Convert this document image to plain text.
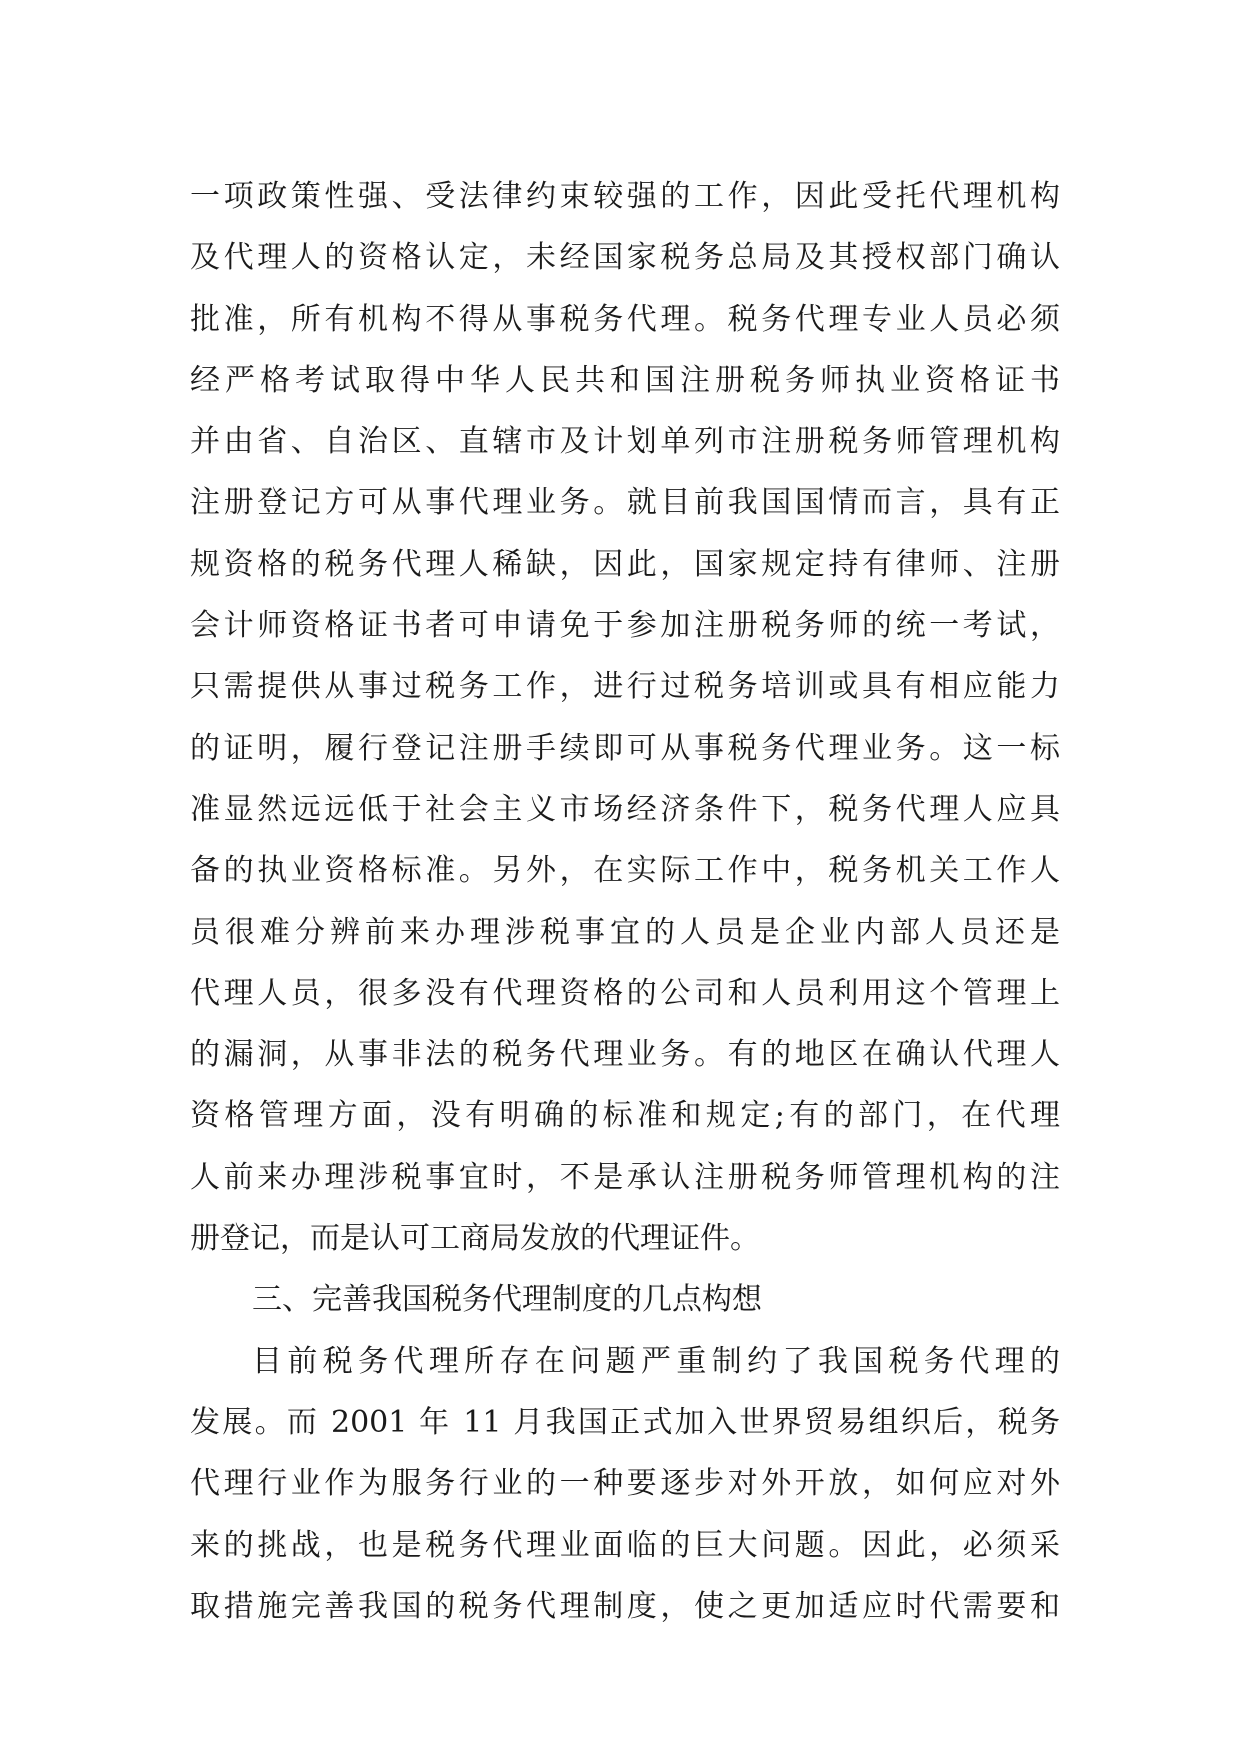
一项政策性强、受法律约束较强的工作，因此受托代理机构
及代理人的资格认定，未经国家税务总局及其授权部门确认
批准，所有机构不得从事税务代理。税务代理专业人员必须
经严格考试取得中华人民共和国注册税务师执业资格证书
并由省、自治区、直辖市及计划单列市注册税务师管理机构
注册登记方可从事代理业务。就目前我国国情而言，具有正
规资格的税务代理人稀缺，因此，国家规定持有律师、注册
会计师资格证书者可申请免于参加注册税务师的统一考试，
只需提供从事过税务工作，进行过税务培训或具有相应能力
的证明，履行登记注册手续即可从事税务代理业务。这一标
准显然远远低于社会主义市场经济条件下，税务代理人应具
备的执业资格标准。另外，在实际工作中，税务机关工作人
员很难分辨前来办理涉税事宜的人员是企业内部人员还是
代理人员，很多没有代理资格的公司和人员利用这个管理上
的漏洞，从事非法的税务代理业务。有的地区在确认代理人
资格管理方面，没有明确的标准和规定;有的部门，在代理
人前来办理涉税事宜时，不是承认注册税务师管理机构的注
册登记，而是认可工商局发放的代理证件。
三、完善我国税务代理制度的几点构想
目前税务代理所存在问题严重制约了我国税务代理的
发展。而 2001 年 11 月我国正式加入世界贸易组织后，税务
代理行业作为服务行业的一种要逐步对外开放，如何应对外
来的挑战，也是税务代理业面临的巨大问题。因此，必须采
取措施完善我国的税务代理制度，使之更加适应时代需要和
